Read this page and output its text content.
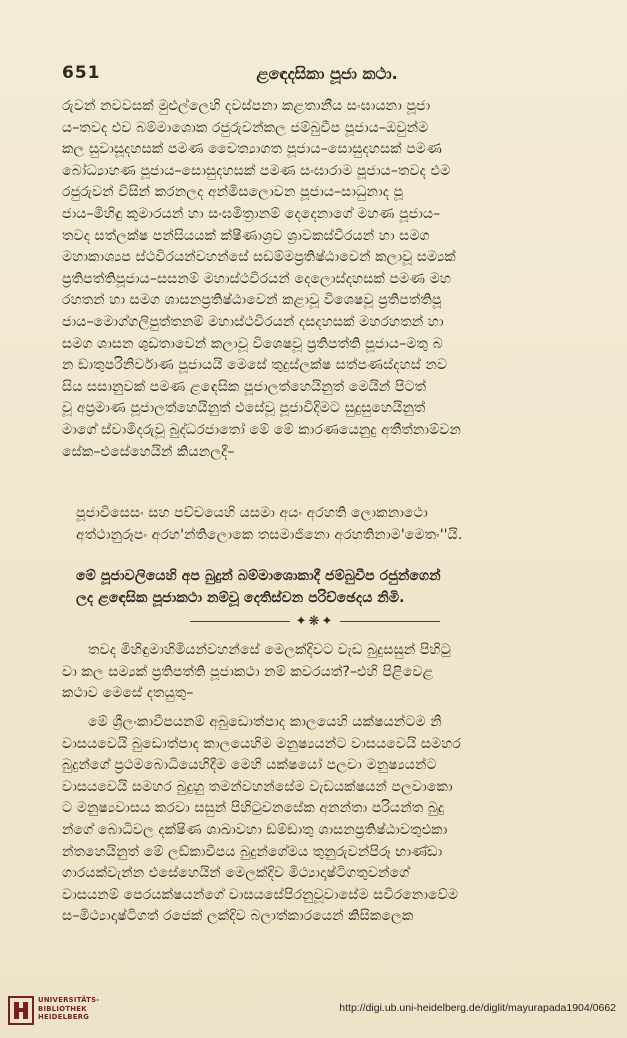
651	ළඳෙදසිකා පූජා කථා.
රුවන් නවවසක් මුළුල්ලෙහි දවස්පනා කළතානීය සංඝායනා පූජා
ය–තවද එව බම්මාශොක රජුරුවන්කල ජම්බුවීප පූජාය–ඔවුන්ම
කල සුවාසූදහසක් පමණ චෛත්‍යාගත පූජාය–සොසුදහසක් පමණ
බෝධ්‍යාහණ පූජාය–සොසුදහසක් පමණ සංඝාරාම පූජාය–තවද එම
රජුරුවන් විසින් කරනලද අන්මිසලොවන පූජාය–සාධුනාද පූ
ජාය–මිහිඳු කුමාරයන් හා සංඝමිත්‍රානම් දෙදෙනාගේ මහණ පූජාය–
තවද සත්ලක්ෂ පන්සියයක් ක්ෂීණාශ්‍රව ශ්‍රාවකස්වීරයන් හා සමග
මහාකාශ්‍යප ස්ථවිරයන්වහන්සේ සඩම්මප්‍රතිෂ්ඨාවෙන් කලාවූ සම්‍යක්
ප්‍රතිපත්තිපූජාය–සසනම් මහාස්ථවිරයන් දෙලොස්දහසක් පමණ මහ
රහතන් හා සමග ශාසනප්‍රතිෂ්ඨාවෙන් කළාවූ විශෙෂවූ ප්‍රතිපත්තිපූ
ජාය–මොග්ගලිපුත්තනම් මහාස්ථවිරයන් දසදහසක් මහරහතන් හා
සමග ශාසන ශුඩතාවෙන් කලාවූ විශෙෂවූ ප්‍රතිපත්ති පූජාය–මතු බ
න ඞාතුපරිනිර්වාණ පූජායයි මෙසේ තුදුස්ලක්ෂ සත්පණස්දහස් නව
සිය සසානුවක් පමණ ළඳෙසික පූජාලත්හෙයිනුත් මෙයින් පිටත්
වූ අප්‍රමාණ පූජාලත්හෙයිනුත් එසේවූ පූජාවිදිමට සුදුසුහෙයිනුත්
මාගේ ස්වාමිදරුවූ බුද්ධරජාතෝ මේ මේ කාරණයෙනුදු අතීත්නාම්වන
සේක–එසේහෙයින් කියනලදී–
පූජාවිසෙසං සහ පච්චයෙහි යසමා අයං අරහති ලොකනාථො
අත්ථානුරූපං අරහ'න්තිලොකෙ තසමාජිනො අරහතිනාම'මෙතං''යි.
මේ පූජාවලියෙහි අප බුදුන් බම්මාශොකාදී ජම්බුවීප රජුන්ගෙන්
ලද ළඳෙසික පූජාකථා නම්වූ දෙතිස්වන පරිච්ඡෙදය නිමි.
✦❋✦
තවද මිහිඳුමාහිමියන්වහන්සේ මෙලක්දිවට වැඩ බුදුසසුන් පිහිටු
වා කල සම්‍යක් ප්‍රතිපත්ති පූජාකථා නම් කවරයත්?–එහි පිළිවෙළ
කථාව මෙසේ දතයුතු–
මේ ශ්‍රීලංකාවීපයනම් අබුඩොත්පාද කාලයෙහි යක්ෂයන්ටම නි
වාසයවෙයි බුඩොත්පාද කාලයෙහිම මනුෂ්‍යයන්ට වාසයවෙයි සමහර
බුදුන්ගේ ප්‍රථමබොධියෙහිදීම මෙහි යක්ෂයෝ පලවා මනුෂ්‍යයන්ට
වාසයවෙයි සමහර බුදුහු තමන්වහන්සේම වැඩයක්ෂයන් පලවාකො
ට මනුෂ්‍යවාසය කරවා සසුන් පිහිටුවනසේක අනන්තා පරියන්ත බුදු
න්ගේ බොධිවල දක්ෂිණ ශාඛාවහා ඞම්ඞාතු ශාසනප්‍රතිෂ්ඨාවතුඑකා
න්තහෙයිනුත් මේ ලඞ්කාවීපය බුදුන්ගේමය තුනුරුවන්පිරූ භාණ්ඩා
ගාරයක්වැන්න එසේහෙයින් මෙලක්දිව මිථ්‍යාදෘෂ්ටිගතුවන්ගේ
වාසයනම් පෙරයක්ෂයන්ගේ වාසයසේපිරනුවූවාසේම සවිරනොවේම
ස–මිථ්‍යාදෘෂ්ටිගත් රජෙක් ලක්දිව බලාත්කාරයෙන් කිසිකලෙක
UNIVERSITÄTS-
BIBLIOTHEK
HEIDELBERG
http://digi.ub.uni-heidelberg.de/diglit/mayurapada1904/0662
